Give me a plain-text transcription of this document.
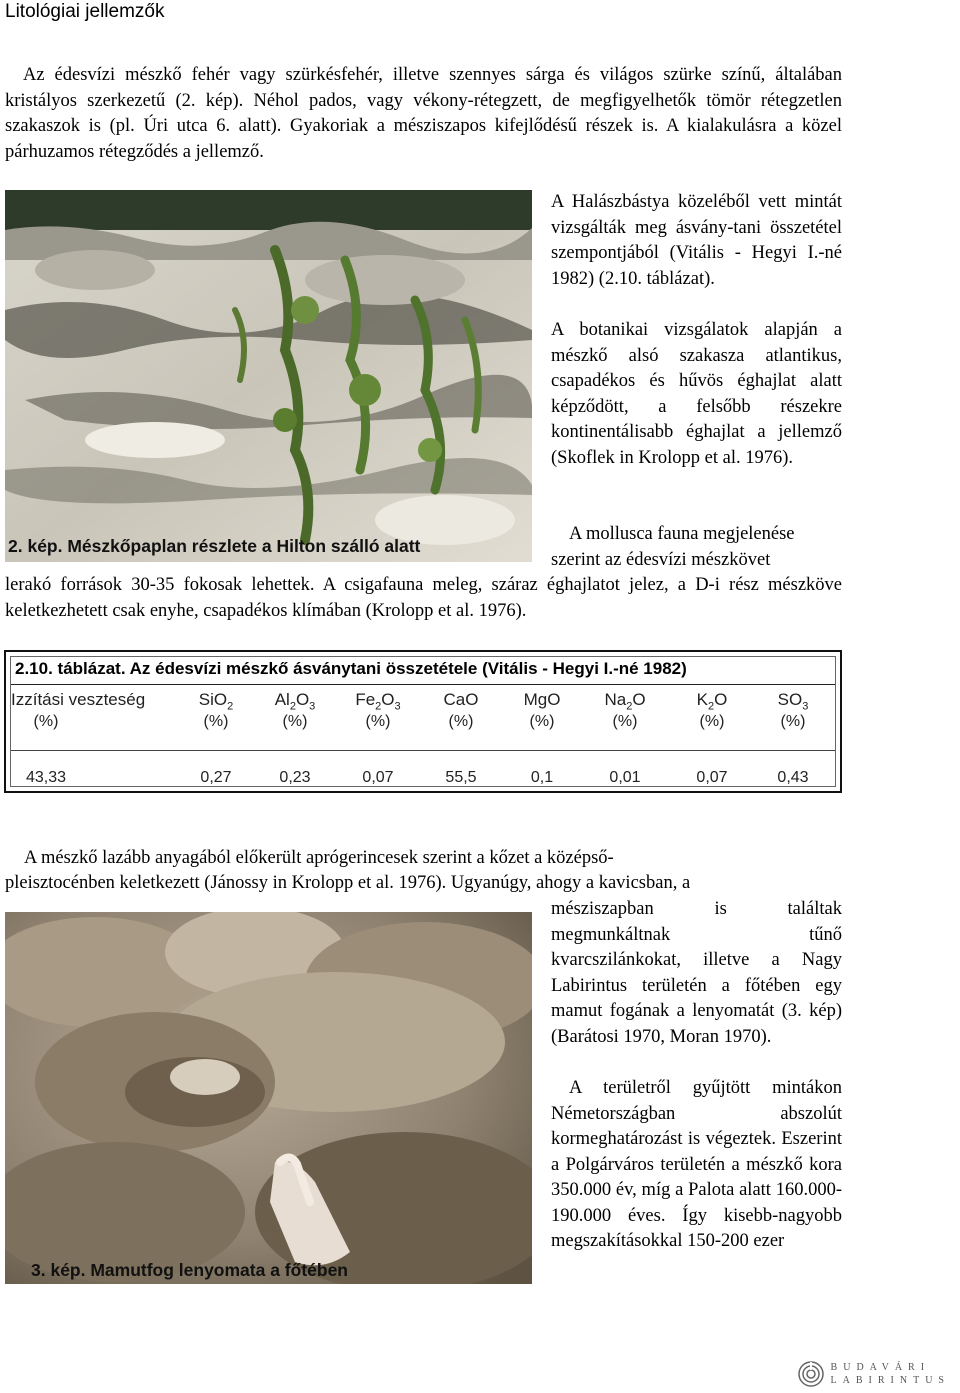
Litológiai jellemzők
Az édesvízi mészkő fehér vagy szürkésfehér, illetve szennyes sárga és világos szürke színű, általában kristályos szerkezetű (2. kép). Néhol pados, vagy vékony-rétegzett, de megfigyelhetők tömör rétegzetlen szakaszok is (pl. Úri utca 6. alatt). Gyakoriak a mésziszapos kifejlődésű részek is. A kialakulásra a közel párhuzamos rétegződés a jellemző.
2. kép. Mészkőpaplan részlete a Hilton szálló alatt
A Halászbástya közeléből vett mintát vizsgálták meg ásvány-tani összetétel szempontjából (Vitális - Hegyi I.-né 1982) (2.10. táblázat).
A botanikai vizsgálatok alapján a mészkő alsó szakasza atlantikus, csapadékos és hűvös éghajlat alatt képződött, a felsőbb részekre kontinentálisabb éghajlat a jellemző (Skoflek in Krolopp et al. 1976).
A mollusca fauna megjelenése
szerint az édesvízi mészkövet
lerakó források 30-35 fokosak lehettek. A csigafauna meleg, száraz éghajlatot jelez, a D-i rész mészköve keletkezhetett csak enyhe, csapadékos klímában (Krolopp et al. 1976).
2.10. táblázat. Az édesvízi mészkő ásványtani összetétele (Vitális - Hegyi I.-né 1982)
Izzítási veszteség
(%)
43,33
SiO$_2$
(%)
0,27
$Al_2O_3$
(%)
0,23
$Fe_2O_3$
(%)
0,07
CaO
(%)
55,5
MgO
(%)
0,1
$Na_2O$
(%)
0,01
$K_2O$
(%)
0,07
$SO_3$
(%)
0,43
A mészkő lazább anyagából előkerült aprógerincesek szerint a kőzet a középső-
pleisztocénben keletkezett (Jánossy in Krolopp et al. 1976). Ugyanúgy, ahogy a kavicsban, a
mésziszapban is találtak megmunkáltnak tűnő kvarcszilánkokat, illetve a Nagy Labirintus területén a főtében egy mamut fogának a lenyomatát (3. kép) (Barátosi 1970, Moran 1970).
A területről gyűjtött mintákon Németországban abszolút kormeghatározást is végeztek. Eszerint a Polgárváros területén a mészkő kora 350.000 év, míg a Palota alatt 160.000-190.000 éves. Így kisebb-nagyobb megszakításokkal 150-200 ezer
3. kép. Mamutfog lenyomata a főtében
BUDAVÁRI
LABIRINTUS
